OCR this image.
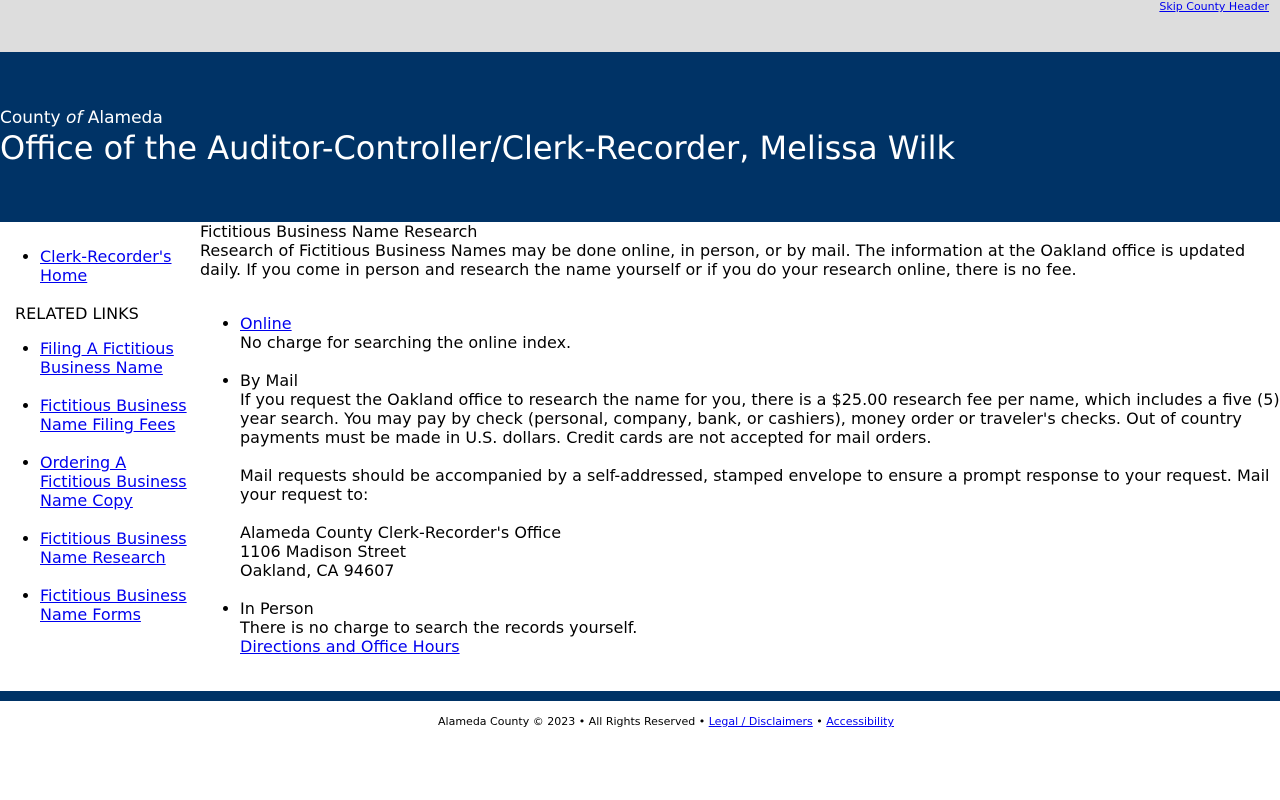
Skip County Header
County of Alameda
Office of the Auditor-Controller/Clerk-Recorder, Melissa Wilk
• Clerk-Recorder's Home
RELATED LINKS
• Filing A Fictitious Business Name
• Fictitious Business Name Filing Fees
• Ordering A Fictitious Business Name Copy
• Fictitious Business Name Research
• Fictitious Business Name Forms
Fictitious Business Name Research
Research of Fictitious Business Names may be done online, in person, or by mail. The information at the Oakland office is updated daily. If you come in person and research the name yourself or if you do your research online, there is no fee.
• Online
No charge for searching the online index.
• By Mail
If you request the Oakland office to research the name for you, there is a $25.00 research fee per name, which includes a five (5) year search. You may pay by check (personal, company, bank, or cashiers), money order or traveler's checks. Out of country payments must be made in U.S. dollars. Credit cards are not accepted for mail orders.

Mail requests should be accompanied by a self-addressed, stamped envelope to ensure a prompt response to your request. Mail your request to:

Alameda County Clerk-Recorder's Office
1106 Madison Street
Oakland, CA 94607
• In Person
There is no charge to search the records yourself.
Directions and Office Hours
Alameda County © 2023 • All Rights Reserved • Legal / Disclaimers • Accessibility
